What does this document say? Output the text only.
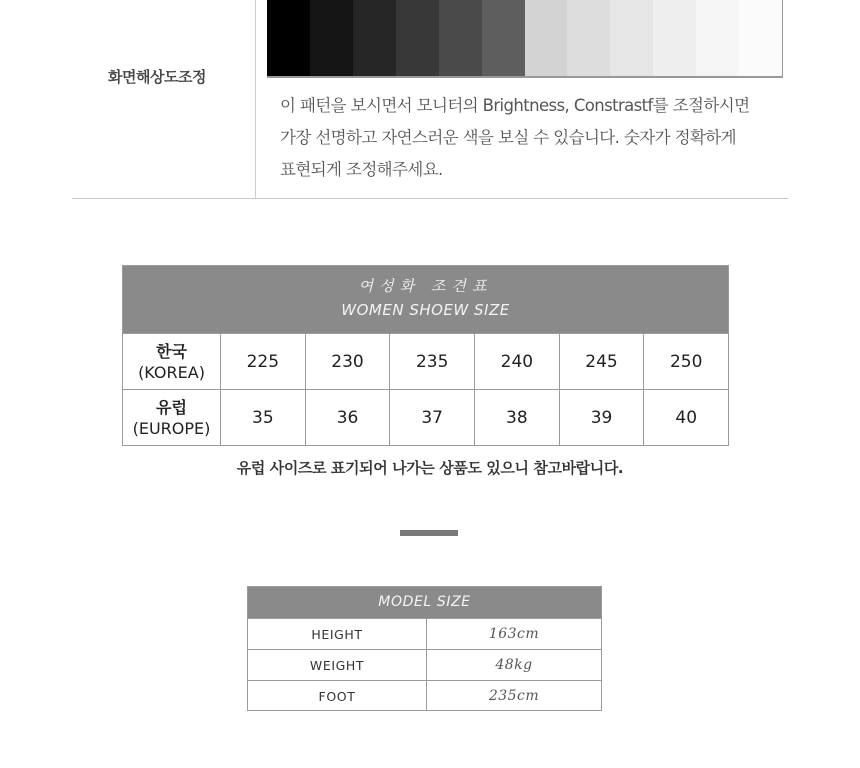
화면해상도조정
이 패턴을 보시면서 모니터의 Brightness, Constrastf를 조절하시면
가장 선명하고 자연스러운 색을 보실 수 있습니다. 숫자가 정확하게
표현되게 조정해주세요.
여성화 조견표
WOMEN SHOEW SIZE
한국
(KOREA)
225	230	235	240	245	250
유럽
(EUROPE)
35	36	37	38	39	40
유럽 사이즈로 표기되어 나가는 상품도 있으니 참고바랍니다.
MODEL SIZE
HEIGHT	163cm
WEIGHT	48kg
FOOT	235cm
